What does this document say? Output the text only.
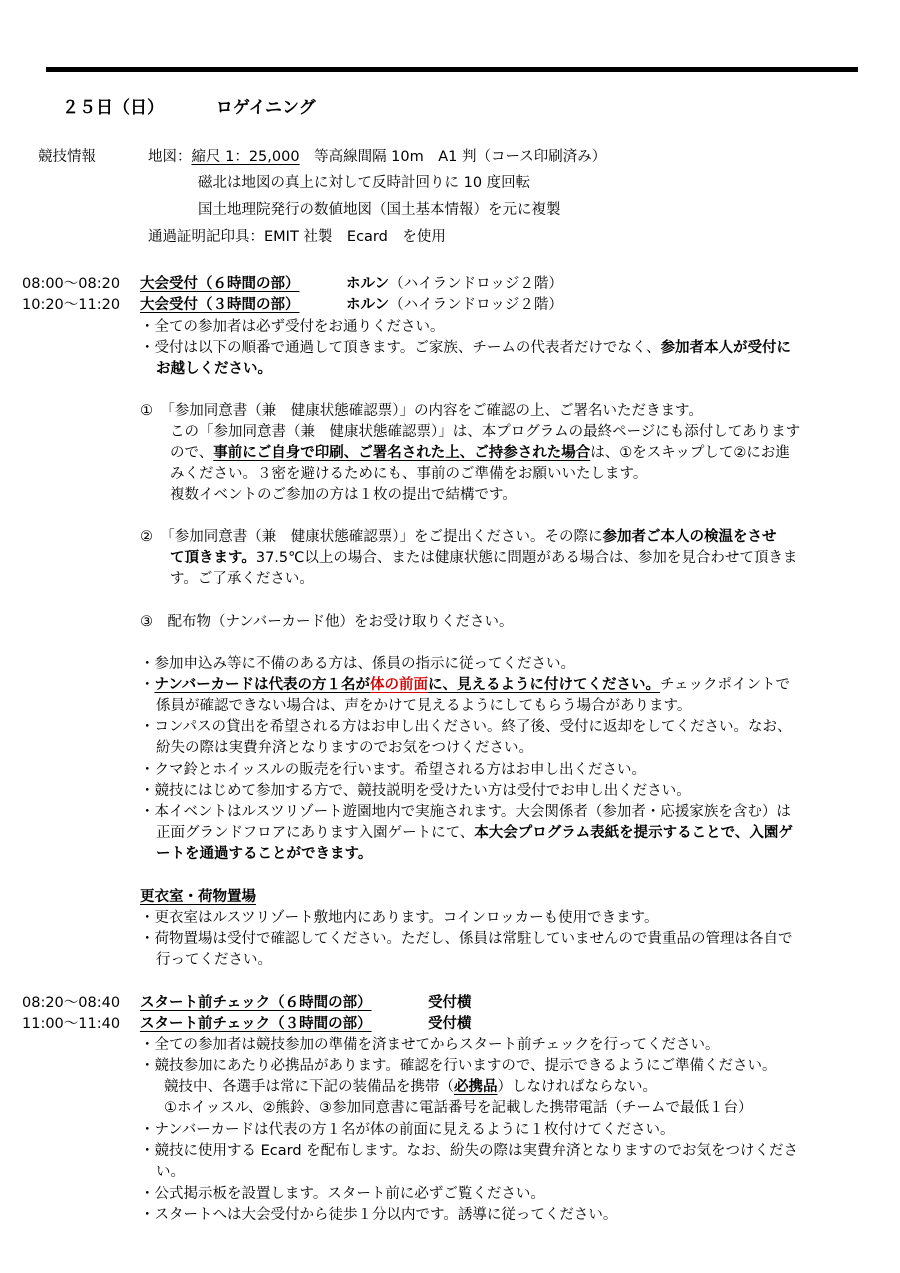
２５日（日）	ロゲイニング
競技情報	地図：縮尺 1：25,000　等高線間隔 10m　A1 判（コース印刷済み）
磁北は地図の真上に対して反時計回りに 10 度回転
国土地理院発行の数値地図（国土基本情報）を元に複製
通過証明記印具：EMIT 社製　Ecard　を使用
08:00～08:20 大会受付（６時間の部）	ホルン（ハイランドロッジ２階）
10:20～11:20 大会受付（３時間の部）	ホルン（ハイランドロッジ２階）
・全ての参加者は必ず受付をお通りください。
・受付は以下の順番で通過して頂きます。ご家族、チームの代表者だけでなく、参加者本人が受付に
お越しください。
①　「参加同意書（兼　健康状態確認票）」の内容をご確認の上、ご署名いただきます。
この「参加同意書（兼　健康状態確認票）」は、本プログラムの最終ページにも添付してあります
ので、事前にご自身で印刷、ご署名された上、ご持参された場合は、①をスキップして②にお進
みください。３密を避けるためにも、事前のご準備をお願いいたします。
複数イベントのご参加の方は１枚の提出で結構です。
②　「参加同意書（兼　健康状態確認票）」をご提出ください。その際に参加者ご本人の検温をさせ
て頂きます。37.5℃以上の場合、または健康状態に問題がある場合は、参加を見合わせて頂きま
す。ご了承ください。
③　配布物（ナンバーカード他）をお受け取りください。
・参加申込み等に不備のある方は、係員の指示に従ってください。
・ナンバーカードは代表の方１名が体の前面に、見えるように付けてください。チェックポイントで
係員が確認できない場合は、声をかけて見えるようにしてもらう場合があります。
・コンパスの貸出を希望される方はお申し出ください。終了後、受付に返却をしてください。なお、
紛失の際は実費弁済となりますのでお気をつけください。
・クマ鈴とホイッスルの販売を行います。希望される方はお申し出ください。
・競技にはじめて参加する方で、競技説明を受けたい方は受付でお申し出ください。
・本イベントはルスツリゾート遊園地内で実施されます。大会関係者（参加者・応援家族を含む）は
正面グランドフロアにあります入園ゲートにて、本大会プログラム表紙を提示することで、入園ゲ
ートを通過することができます。
更衣室・荷物置場
・更衣室はルスツリゾート敷地内にあります。コインロッカーも使用できます。
・荷物置場は受付で確認してください。ただし、係員は常駐していませんので貴重品の管理は各自で
行ってください。
08:20～08:40 スタート前チェック（６時間の部）	受付横
11:00～11:40 スタート前チェック（３時間の部）	受付横
・全ての参加者は競技参加の準備を済ませてからスタート前チェックを行ってください。
・競技参加にあたり必携品があります。確認を行いますので、提示できるようにご準備ください。
競技中、各選手は常に下記の装備品を携帯（必携品）しなければならない。
①ホイッスル、②熊鈴、③参加同意書に電話番号を記載した携帯電話（チームで最低１台）
・ナンバーカードは代表の方１名が体の前面に見えるように１枚付けてください。
・競技に使用する Ecard を配布します。なお、紛失の際は実費弁済となりますのでお気をつけくださ
い。
・公式掲示板を設置します。スタート前に必ずご覧ください。
・スタートへは大会受付から徒歩１分以内です。誘導に従ってください。
